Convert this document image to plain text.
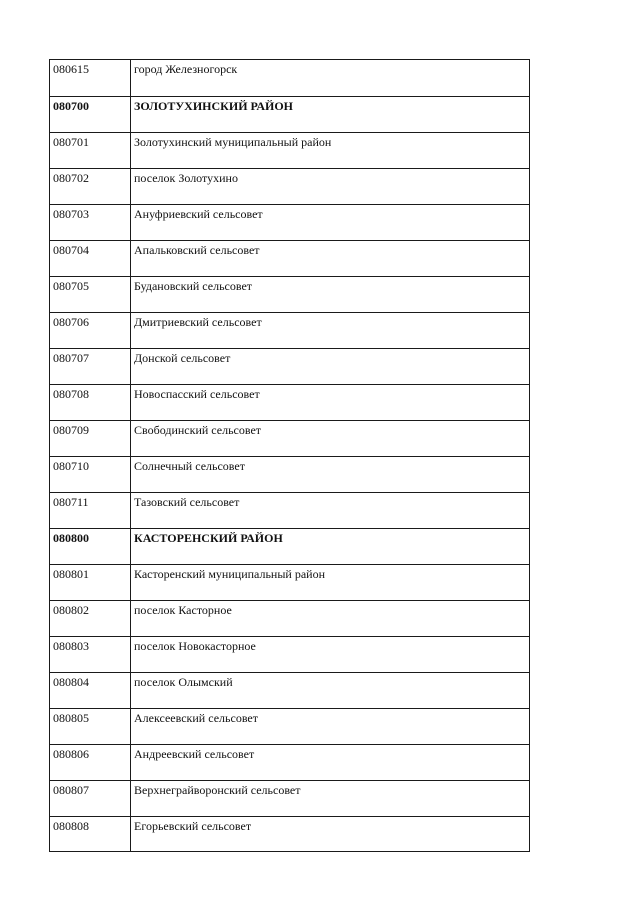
080615	город Железногорск
080700	ЗОЛОТУХИНСКИЙ РАЙОН
080701	Золотухинский муниципальный район
080702	поселок Золотухино
080703	Ануфриевский сельсовет
080704	Апальковский сельсовет
080705	Будановский сельсовет
080706	Дмитриевский сельсовет
080707	Донской сельсовет
080708	Новоспасский сельсовет
080709	Свободинский сельсовет
080710	Солнечный сельсовет
080711	Тазовский сельсовет
080800	КАСТОРЕНСКИЙ РАЙОН
080801	Касторенский муниципальный район
080802	поселок Касторное
080803	поселок Новокасторное
080804	поселок Олымский
080805	Алексеевский сельсовет
080806	Андреевский сельсовет
080807	Верхнеграйворонский сельсовет
080808	Егорьевский сельсовет
